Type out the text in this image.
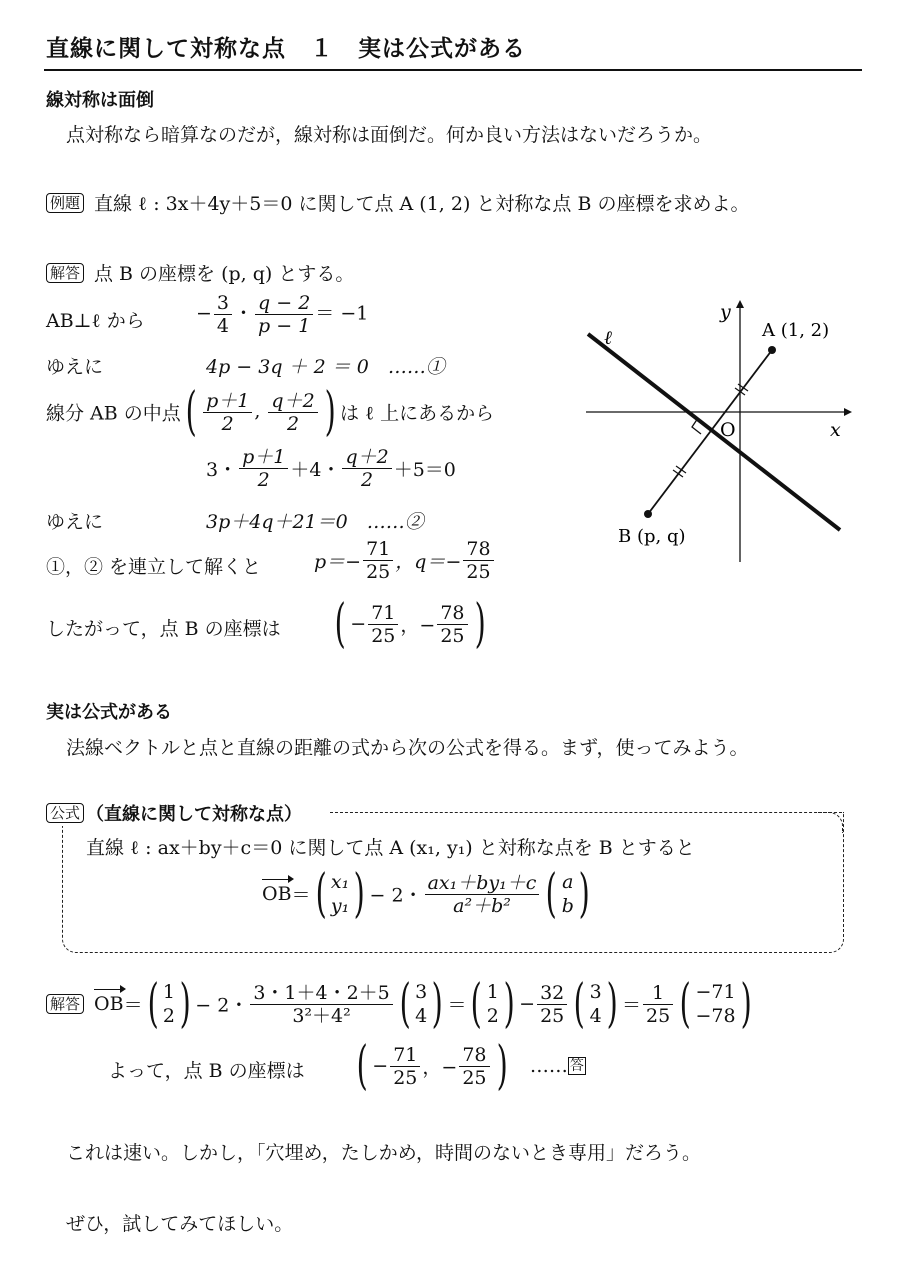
直線に関して対称な点　１　実は公式がある
線対称は面倒
点対称なら暗算なのだが，線対称は面倒だ。何か良い方法はないだろうか。
例題 直線 ℓ : 3x＋4y＋5＝0 に関して点 A (1, 2) と対称な点 B の座標を求めよ。
解答 点 B の座標を (p, q) とする。
AB⊥ℓ から	− $\frac{3}{4}$ ・ $\frac{q - 2}{p - 1} = -1$
ゆえに	4p − 3q ＋ 2 ＝ 0　……①
線分 AB の中点( $\frac{p+1}{2}$ , $\frac{q+2}{2}$ ) は ℓ 上にあるから
3・ $\frac{p+1}{2} +4$・ $\frac{q+2}{2} +5=0$
ゆえに	3p＋4q＋21＝0　……②
①，② を連立して解くと	$p=- \frac{71}{25}$ ，$q=- \frac{78}{25}$
したがって，点 B の座標は ( − $\frac{71}{25}$ ，− $\frac{78}{25}$ )
y
x
O
ℓ	A (1, 2)
B (p, q)
実は公式がある
法線ベクトルと点と直線の距離の式から次の公式を得る。まず，使ってみよう。
公式 （直線に関して対称な点）
直線 ℓ : ax＋by＋c＝0 に関して点 A (x₁, y₁) と対称な点を B とすると
OB＝( x₁
y₁ ) − 2・ $\frac{\text{ax₁＋by₁＋c}}{\text{a²＋b²}}$ ( a
b )
解答 OB＝( 1
2 ) − 2・ $\frac{3・1+4・2+5}{\text{3²＋4²}}$ ( 3
4 ) ＝( 1
2 ) − $\frac{32}{25}$ ( 3
4 ) ＝ $\frac{1}{25}$ ( −71
−78 )
よって，点 B の座標は ( − $\frac{71}{25}$ ，− $\frac{78}{25}$ ) …… 答
これは速い。しかし，「穴埋め，たしかめ，時間のないとき専用」だろう。
ぜひ，試してみてほしい。
